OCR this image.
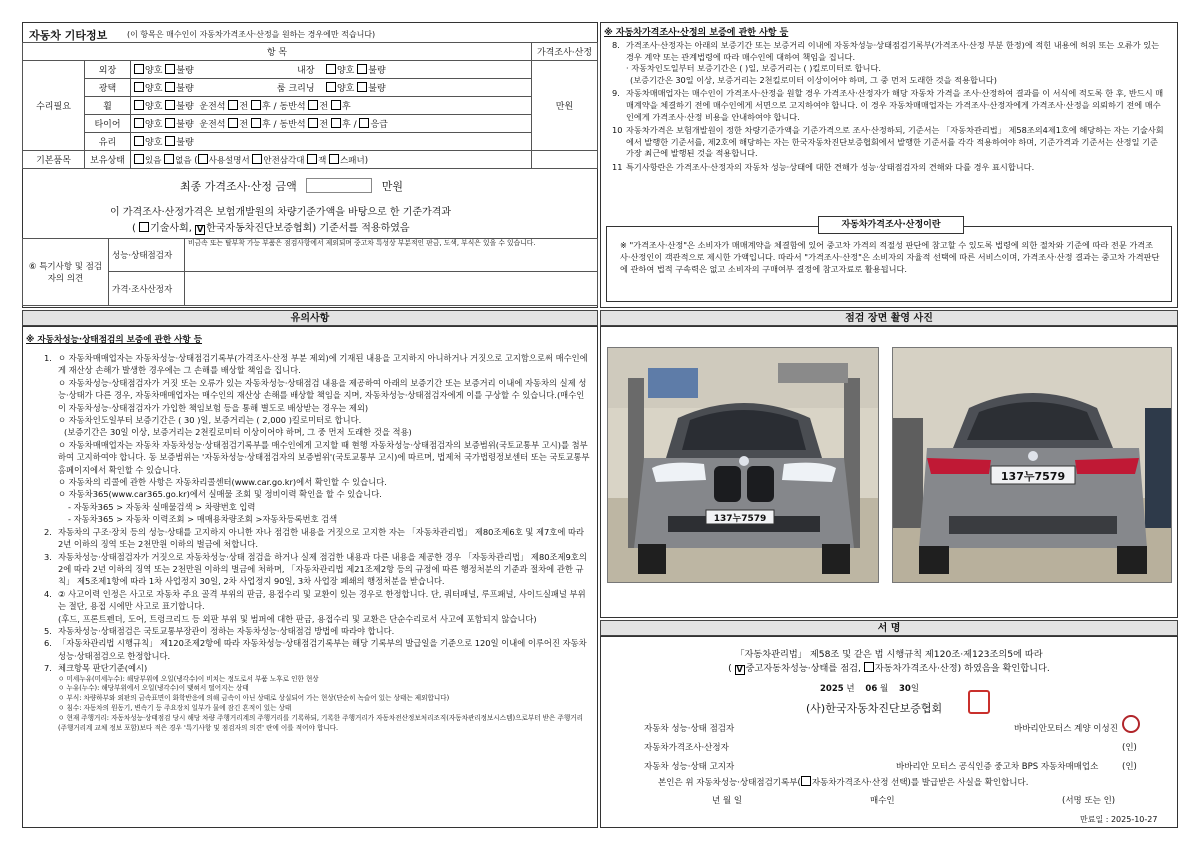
자동차 기타정보 (이 항목은 매수인이 자동차가격조사·산정을 원하는 경우에만 적습니다)
항 목			가격조사·산정
수리필요	외장	양호 불량 내장 양호 불량	만원
	광택	양호 불량 룸 크리닝 양호 불량	
	휠	양호 불량 운전석 전 후 / 동반석 전 후	
	타이어	양호 불량 운전석 전 후 / 동반석 전 후 / 응급	
	유리	양호 불량	
기본품목	보유상태	있음 없음 ( 사용설명서 안전삼각대 잭 스패너)	
최종 가격조사·산정 금액	만원
이 가격조사·산정가격은 보험개발원의 차량기준가액을 바탕으로 한 기준가격과
( 기술사회, V 한국자동차진단보증협회) 기준서를 적용하였음
⑥ 특기사항 및 점검자의 의견	성능·상태점검자	비금속 또는 탈부착 가능 부품은 점검사항에서 제외되며 중고차 특성상 부분적인 판금, 도색, 부식은 있을 수 있습니다.
	가격·조사산정자	
※ 자동차가격조사·산정의 보증에 관한 사항 등
8. 가격조사·산정자는 아래의 보증기간 또는 보증거리 이내에 자동차성능·상태점검기록부(가격조사·산정 부분 한정)에 적힌 내용에 허위 또는 오류가 있는 경우 계약 또는 관계법령에 따라 매수인에 대하여 책임을 집니다.
· 자동차인도일부터 보증기간은 ( )일, 보증거리는 ( )킬로미터로 합니다.
(보증기간은 30일 이상, 보증거리는 2천킬로미터 이상이어야 하며, 그 중 먼저 도래한 것을 적용합니다)
9. 자동차매매업자는 매수인이 가격조사·산정을 원할 경우 가격조사·산정자가 해당 자동차 가격을 조사·산정하여 결과를 이 서식에 적도록 한 후, 반드시 매매계약을 체결하기 전에 매수인에게 서면으로 고지하여야 합니다. 이 경우 자동차매매업자는 가격조사·산정자에게 가격조사·산정을 의뢰하기 전에 매수인에게 가격조사·산정 비용을 안내하여야 합니다.
10 자동차가격은 보험개발원이 정한 차량기준가액을 기준가격으로 조사·산정하되, 기준서는 「자동차관리법」 제58조의4제1호에 해당하는 자는 기술사회에서 발행한 기준서를, 제2호에 해당하는 자는 한국자동차진단보증협회에서 발행한 기준서를 각각 적용하여야 하며, 기준가격과 기준서는 산정일 기준 가장 최근에 발행된 것을 적용합니다.
11 특기사항란은 가격조사·산정자의 자동차 성능·상태에 대한 견해가 성능·상태점검자의 견해와 다를 경우 표시합니다.
자동차가격조사·산정이란
※ "가격조사·산정"은 소비자가 매매계약을 체결함에 있어 중고차 가격의 적절성 판단에 참고할 수 있도록 법령에 의한 절차와 기준에 따라 전문 가격조사·산정인이 객관적으로 제시한 가액입니다. 따라서 "가격조사·산정"은 소비자의 자율적 선택에 따른 서비스이며, 가격조사·산정 결과는 중고차 가격판단에 관하여 법적 구속력은 없고 소비자의 구매여부 결정에 참고자료로 활용됩니다.
유의사항
※ 자동차성능·상태점검의 보증에 관한 사항 등
1. ㅇ 자동차매매업자는 자동차성능·상태점검기록부(가격조사·산정 부분 제외)에 기재된 내용을 고지하지 아니하거나 거짓으로 고지함으로써 매수인에게 재산상 손해가 발생한 경우에는 그 손해를 배상할 책임을 집니다.
ㅇ 자동차성능·상태점검자가 거짓 또는 오류가 있는 자동차성능·상태점검 내용을 제공하여 아래의 보증기간 또는 보증거리 이내에 자동차의 실제 성능·상태가 다른 경우, 자동차매매업자는 매수인의 재산상 손해를 배상할 책임을 지며, 자동차성능·상태점검자에게 이를 구상할 수 있습니다.(매수인이 자동차성능·상태점검자가 가입한 책임보험 등을 통해 별도로 배상받는 경우는 제외)
ㅇ 자동차인도일부터 보증기간은 ( 30 )일, 보증거리는 ( 2,000 )킬로미터로 합니다.
(보증기간은 30일 이상, 보증거리는 2천킬로미터 이상이어야 하며, 그 중 먼저 도래한 것을 적용)
ㅇ 자동차매매업자는 자동차 자동차성능·상태점검기록부를 매수인에게 고지할 때 현행 자동차성능·상태점검자의 보증범위(국토교통부 고시)를 첨부하여 고지하여야 합니다. 동 보증범위는 '자동차성능·상태점검자의 보증범위'(국토교통부 고시)에 따르며, 법제처 국가법령정보센터 또는 국토교통부 홈페이지에서 확인할 수 있습니다.
ㅇ 자동차의 리콜에 관한 사항은 자동차리콜센터(www.car.go.kr)에서 확인할 수 있습니다.
ㅇ 자동차365(www.car365.go.kr)에서 실매물 조회 및 정비이력 확인을 할 수 있습니다.
- 자동차365 > 자동차 실매물검색 > 차량번호 입력
- 자동차365 > 자동차 이력조회 > 매매용차량조회 >자동차등록번호 검색
2. 자동차의 구조·장치 등의 성능·상태를 고지하지 아니한 자나 점검한 내용을 거짓으로 고지한 자는 「자동차관리법」 제80조제6호 및 제7호에 따라 2년 이하의 징역 또는 2천만원 이하의 벌금에 처합니다.
3. 자동차성능·상태점검자가 거짓으로 자동차성능·상태 점검을 하거나 실제 점검한 내용과 다른 내용을 제공한 경우 「자동차관리법」 제80조제9호의2에 따라 2년 이하의 징역 또는 2천만원 이하의 벌금에 처하며, 「자동차관리법 제21조제2항 등의 규정에 따른 행정처분의 기준과 절차에 관한 규칙」 제5조제1항에 따라 1차 사업정지 30일, 2차 사업정지 90일, 3차 사업장 폐쇄의 행정처분을 받습니다.
4. ② 사고이력 인정은 사고로 자동차 주요 골격 부위의 판금, 용접수리 및 교환이 있는 경우로 한정합니다. 단, 쿼터패널, 루프패널, 사이드실패널 부위는 절단, 용접 시에만 사고로 표기합니다.
(후드, 프론트펜더, 도어, 트렁크리드 등 외판 부위 및 범퍼에 대한 판금, 용접수리 및 교환은 단순수리로서 사고에 포함되지 않습니다)
5. 자동차성능·상태점검은 국토교통부장관이 정하는 자동차성능·상태점검 방법에 따라야 합니다.
6. 「자동차관리법 시행규칙」 제120조제2항에 따라 자동차성능·상태점검기록부는 해당 기록부의 발급일을 기준으로 120일 이내에 이루어진 자동차 성능·상태점검으로 한정합니다.
7. 체크항목 판단기준(예시)
ㅇ 미세누유(미세누수): 해당부위에 오일(냉각수)이 비치는 정도로서 부품 노후로 인한 현상
ㅇ 누유(누수): 해당부위에서 오일(냉각수)이 맺혀서 떨어지는 상태
ㅇ 부식: 차량하부와 외판의 금속표면이 화학반응에 의해 금속이 아닌 상태로 상실되어 가는 현상(단순히 녹슬어 있는 상태는 제외합니다)
ㅇ 침수: 자동차의 원동기, 변속기 등 주요장치 일부가 물에 잠긴 흔적이 있는 상태
ㅇ 현재 주행거리: 자동차성능·상태점검 당시 해당 차량 주행거리계의 주행거리를 기록하되, 기록한 주행거리가 자동차전산정보처리조직(자동차관리정보시스템)으로부터 받은 주행거리(주행거리계 교체 정보 포함)보다 적은 경우 '특기사항 및 점검자의 의견' 란에 이를 적어야 합니다.
점검 장면 촬영 사진
137누7579
137누7579
서 명
「자동차관리법」 제58조 및 같은 법 시행규칙 제120조·제123조의5에 따라
( V 중고자동차성능·상태를 점검, 자동차가격조사·산정) 하였음을 확인합니다.
2025 년 06 월 30일
(사)한국자동차진단보증협회
자동차 성능·상태 점검자	바바리안모터스 계양 이성진
자동차가격조사·산정자	(인)
자동차 성능·상태 고지자	바바리안 모터스 공식인증 중고차 BPS 자동차매매업소	(인)
본인은 위 자동차성능·상태점검기록부( 자동차가격조사·산정 선택)를 발급받은 사실을 확인합니다.
년 월 일	매수인	(서명 또는 인)
만료일 : 2025-10-27
